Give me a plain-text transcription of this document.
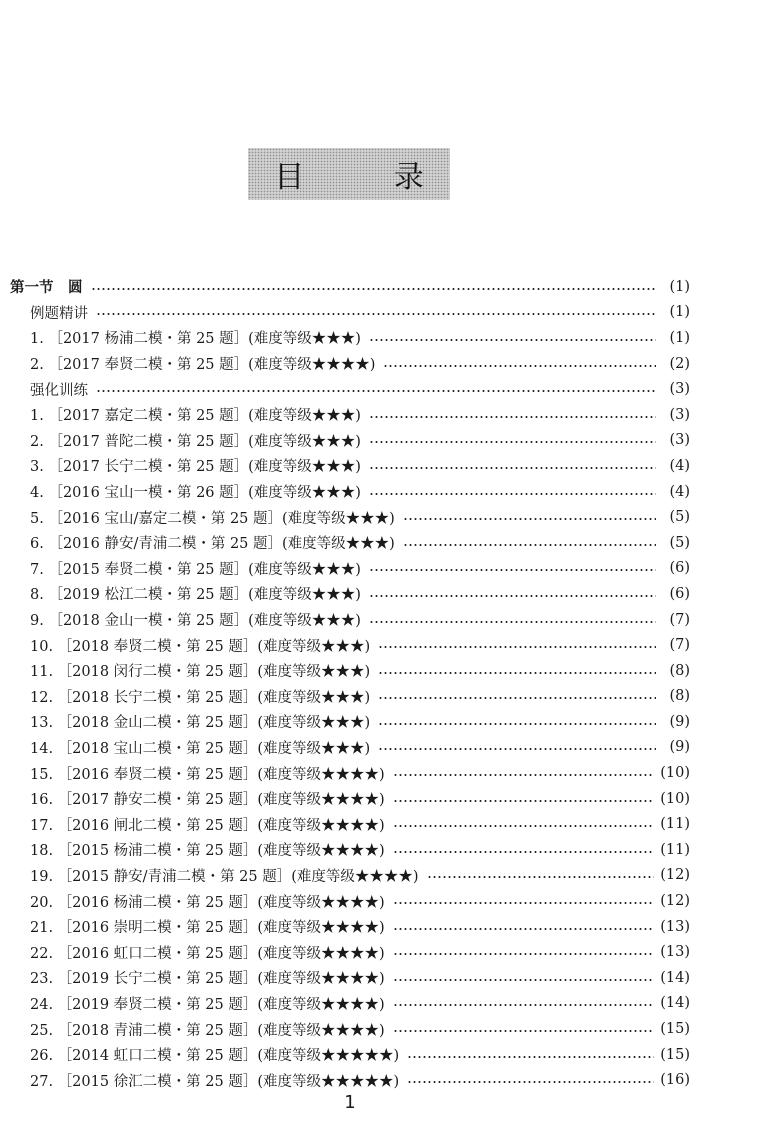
目 录
第一节　圆	(1)
例题精讲	(1)
1. ［2017 杨浦二模・第 25 题］(难度等级★★★)	(1)
2. ［2017 奉贤二模・第 25 题］(难度等级★★★★)	(2)
强化训练	(3)
1. ［2017 嘉定二模・第 25 题］(难度等级★★★)	(3)
2. ［2017 普陀二模・第 25 题］(难度等级★★★)	(3)
3. ［2017 长宁二模・第 25 题］(难度等级★★★)	(4)
4. ［2016 宝山一模・第 26 题］(难度等级★★★)	(4)
5. ［2016 宝山/嘉定二模・第 25 题］(难度等级★★★)	(5)
6. ［2016 静安/青浦二模・第 25 题］(难度等级★★★)	(5)
7. ［2015 奉贤二模・第 25 题］(难度等级★★★)	(6)
8. ［2019 松江二模・第 25 题］(难度等级★★★)	(6)
9. ［2018 金山一模・第 25 题］(难度等级★★★)	(7)
10. ［2018 奉贤二模・第 25 题］(难度等级★★★)	(7)
11. ［2018 闵行二模・第 25 题］(难度等级★★★)	(8)
12. ［2018 长宁二模・第 25 题］(难度等级★★★)	(8)
13. ［2018 金山二模・第 25 题］(难度等级★★★)	(9)
14. ［2018 宝山二模・第 25 题］(难度等级★★★)	(9)
15. ［2016 奉贤二模・第 25 题］(难度等级★★★★)	(10)
16. ［2017 静安二模・第 25 题］(难度等级★★★★)	(10)
17. ［2016 闸北二模・第 25 题］(难度等级★★★★)	(11)
18. ［2015 杨浦二模・第 25 题］(难度等级★★★★)	(11)
19. ［2015 静安/青浦二模・第 25 题］(难度等级★★★★)	(12)
20. ［2016 杨浦二模・第 25 题］(难度等级★★★★)	(12)
21. ［2016 崇明二模・第 25 题］(难度等级★★★★)	(13)
22. ［2016 虹口二模・第 25 题］(难度等级★★★★)	(13)
23. ［2019 长宁二模・第 25 题］(难度等级★★★★)	(14)
24. ［2019 奉贤二模・第 25 题］(难度等级★★★★)	(14)
25. ［2018 青浦二模・第 25 题］(难度等级★★★★)	(15)
26. ［2014 虹口二模・第 25 题］(难度等级★★★★★)	(15)
27. ［2015 徐汇二模・第 25 题］(难度等级★★★★★)	(16)
1
